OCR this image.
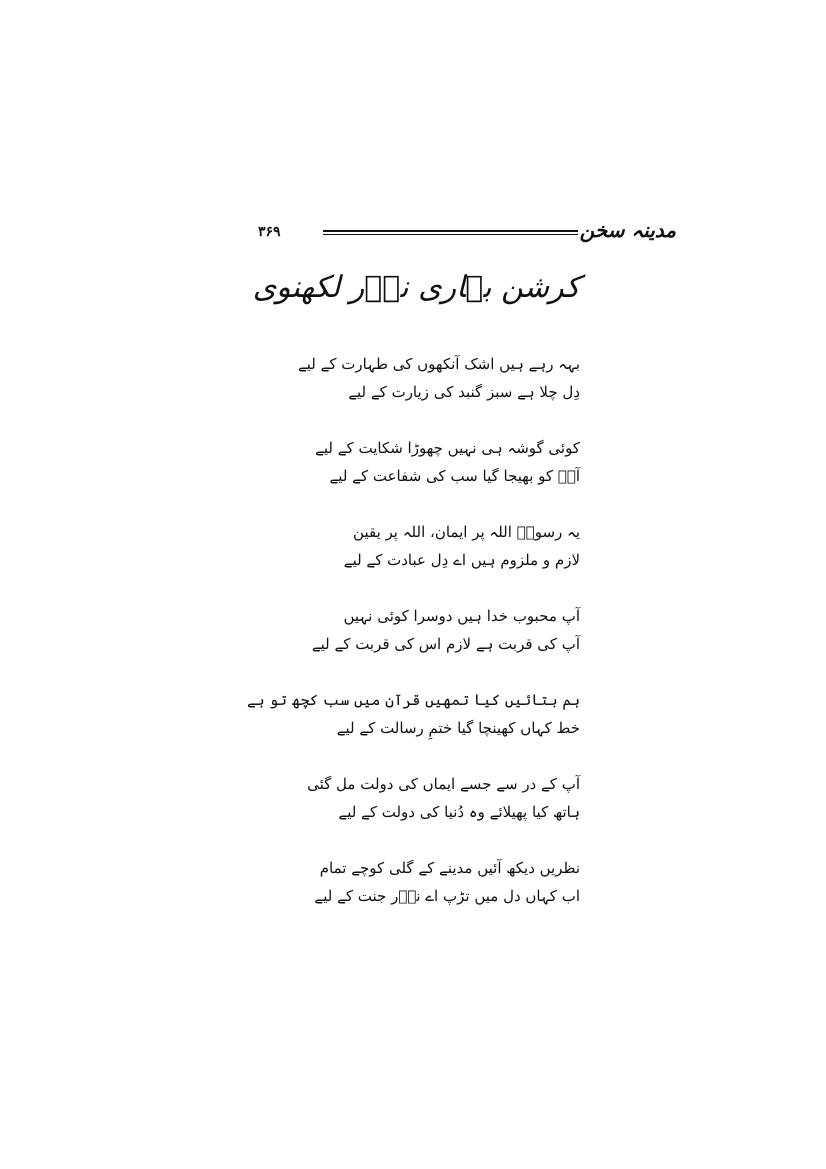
مدینہ سخن
۳۶۹
کرشن بہاری نوؔر لکھنوی
بہہ رہے ہیں اشک آنکھوں کی طہارت کے لیے
دِل چلا ہے سبز گنبد کی زیارت کے لیے
کوئی گوشہ ہی نہیں چھوڑا شکایت کے لیے
آپؐ کو بھیجا گیا سب کی شفاعت کے لیے
یہ رسولؐ اللہ پر ایمان، اللہ پر یقین
لازم و ملزوم ہیں اے دِل عبادت کے لیے
آپ محبوب خدا ہیں دوسرا کوئی نہیں
آپ کی قربت ہے لازم اس کی قربت کے لیے
ہم بتائیں کیا تمھیں قرآن میں سب کچھ تو ہے
خط کہاں کھینچا گیا ختمِ رسالت کے لیے
آپ کے در سے جسے ایماں کی دولت مل گئی
ہاتھ کیا پھیلائے وہ دُنیا کی دولت کے لیے
نظریں دیکھ آئیں مدینے کے گلی کوچے تمام
اب کہاں دل میں تڑپ اے نوؔر جنت کے لیے
